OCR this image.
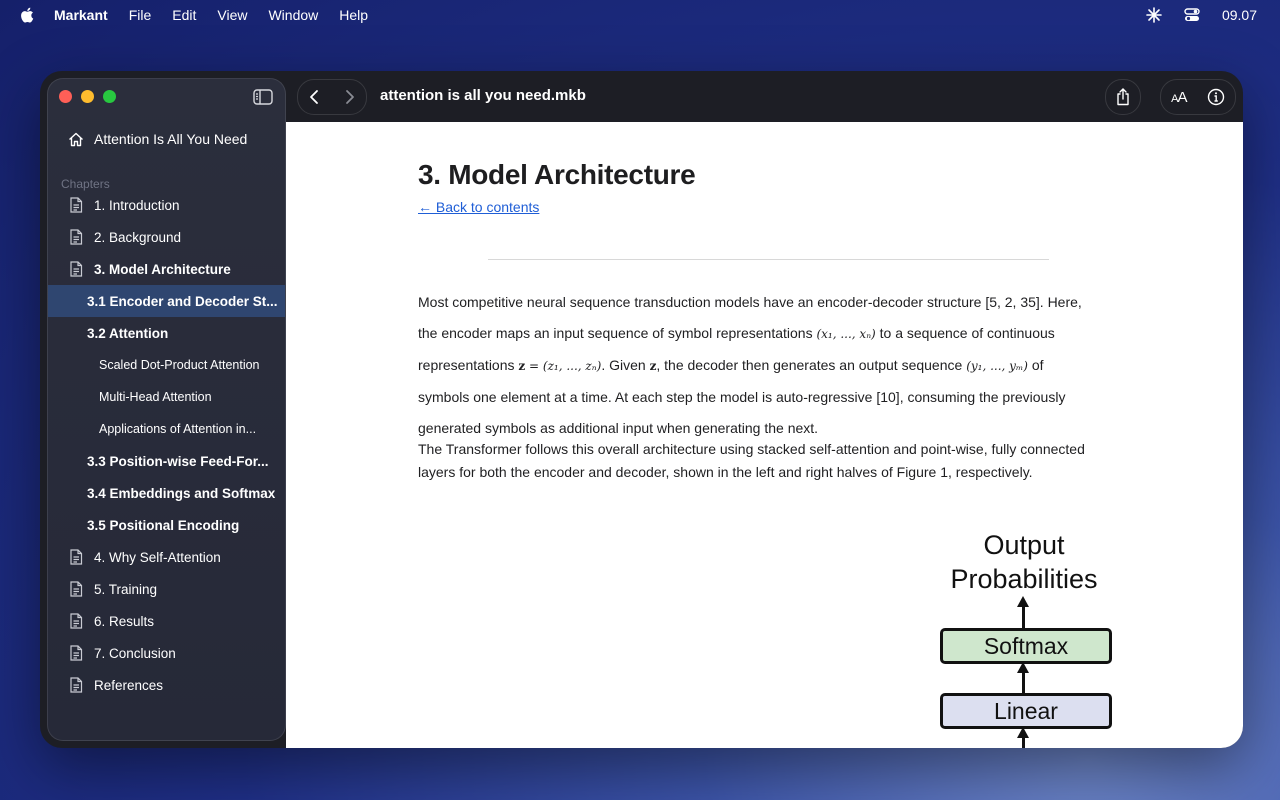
Markant File Edit View Window Help	09.07
Attention Is All You Need
Chapters
1. Introduction
2. Background
3. Model Architecture
3.1 Encoder and Decoder St...
3.2 Attention
Scaled Dot-Product Attention
Multi-Head Attention
Applications of Attention in...
3.3 Position-wise Feed-For...
3.4 Embeddings and Softmax
3.5 Positional Encoding
4. Why Self-Attention
5. Training
6. Results
7. Conclusion
References
attention is all you need.mkb	AA
3. Model Architecture
← Back to contents

Most competitive neural sequence transduction models have an encoder-decoder structure [5, 2, 35]. Here, the encoder maps an input sequence of symbol representations (x₁, ..., xₙ) to a sequence of continuous representations z = (z₁, ..., zₙ). Given z, the decoder then generates an output sequence (y₁, ..., yₘ) of symbols one element at a time. At each step the model is auto-regressive [10], consuming the previously generated symbols as additional input when generating the next.

The Transformer follows this overall architecture using stacked self-attention and point-wise, fully connected layers for both the encoder and decoder, shown in the left and right halves of Figure 1, respectively.

Output
Probabilities
Softmax
Linear
